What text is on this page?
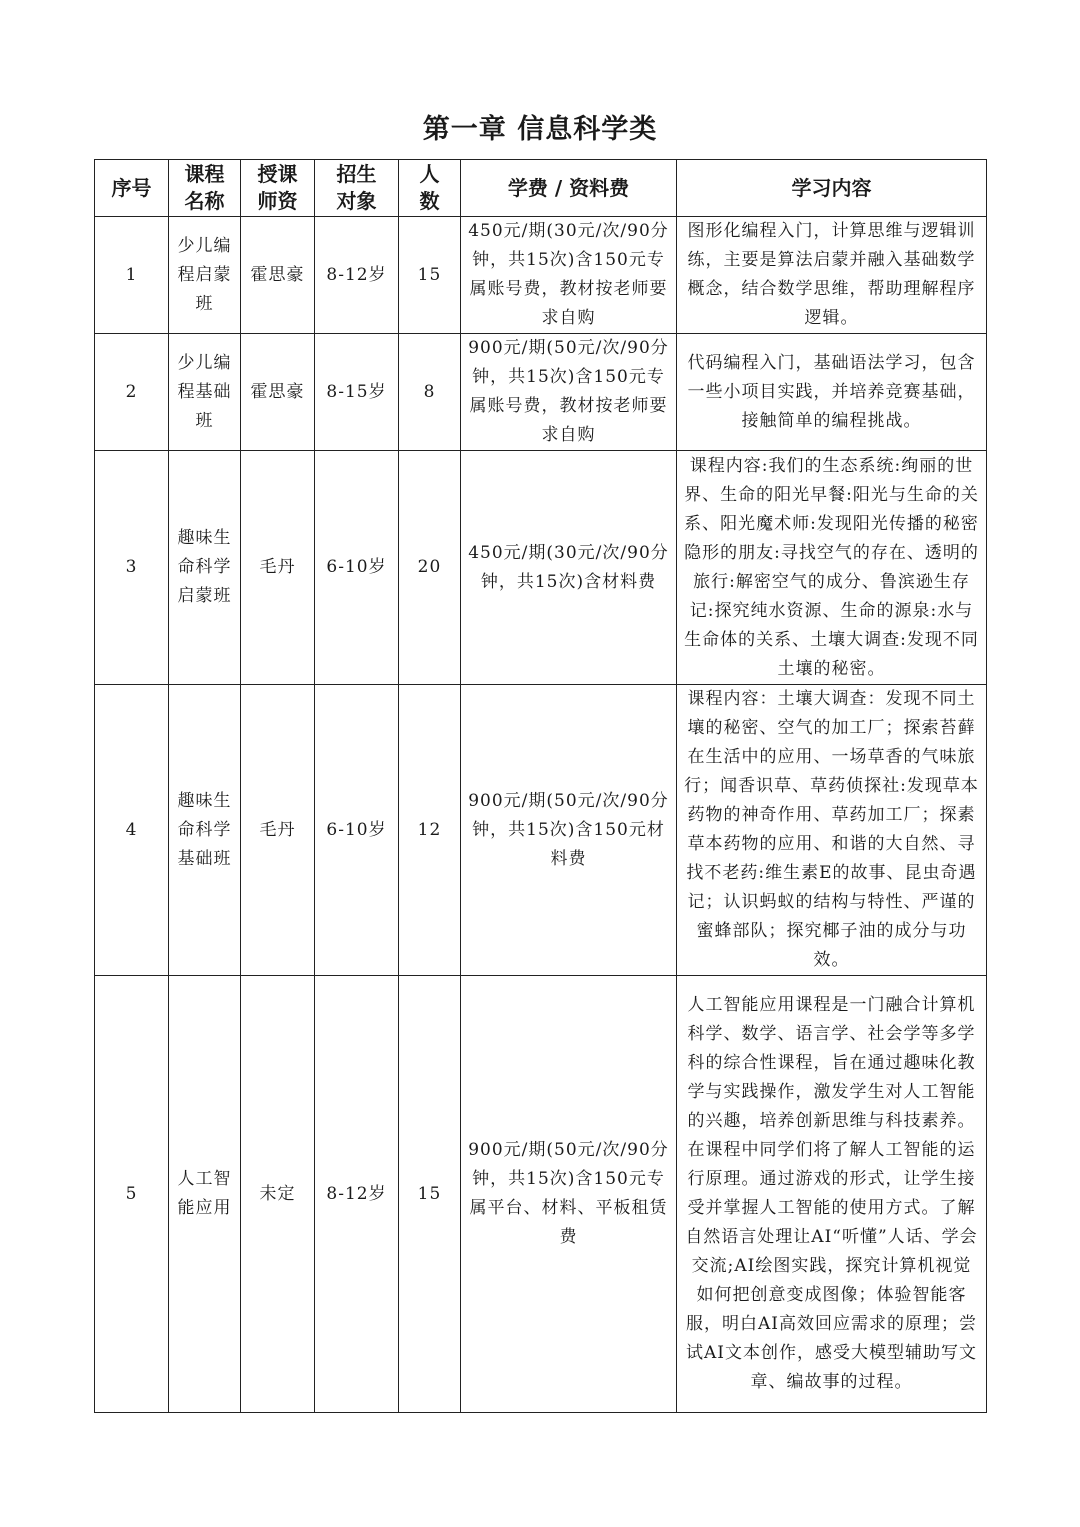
第一章 信息科学类
序号	课程名称	授课师资	招生对象	人数	学费 / 资料费	学习内容
1	少儿编程启蒙班	霍思豪	8-12岁	15	450元/期(30元/次/90分钟，共15次)含150元专属账号费，教材按老师要求自购	图形化编程入门，计算思维与逻辑训练，主要是算法启蒙并融入基础数学概念，结合数学思维，帮助理解程序逻辑。
2	少儿编程基础班	霍思豪	8-15岁	8	900元/期(50元/次/90分钟，共15次)含150元专属账号费，教材按老师要求自购	代码编程入门，基础语法学习，包含一些小项目实践，并培养竞赛基础，接触简单的编程挑战。
3	趣味生命科学启蒙班	毛丹	6-10岁	20	450元/期(30元/次/90分钟，共15次)含材料费	课程内容:我们的生态系统:绚丽的世界、生命的阳光早餐:阳光与生命的关系、阳光魔术师:发现阳光传播的秘密隐形的朋友:寻找空气的存在、透明的旅行:解密空气的成分、鲁滨逊生存记:探究纯水资源、生命的源泉:水与生命体的关系、土壤大调查:发现不同土壤的秘密。
4	趣味生命科学基础班	毛丹	6-10岁	12	900元/期(50元/次/90分钟，共15次)含150元材料费	课程内容：土壤大调查：发现不同土壤的秘密、空气的加工厂；探索苔藓在生活中的应用、一场草香的气味旅行；闻香识草、草药侦探社:发现草本药物的神奇作用、草药加工厂；探素草本药物的应用、和谐的大自然、寻找不老药:维生素E的故事、昆虫奇遇记；认识蚂蚁的结构与特性、严谨的蜜蜂部队；探究椰子油的成分与功效。
5	人工智能应用	未定	8-12岁	15	900元/期(50元/次/90分钟，共15次)含150元专属平台、材料、平板租赁费	人工智能应用课程是一门融合计算机科学、数学、语言学、社会学等多学科的综合性课程，旨在通过趣味化教学与实践操作，激发学生对人工智能的兴趣，培养创新思维与科技素养。在课程中同学们将了解人工智能的运行原理。通过游戏的形式，让学生接受并掌握人工智能的使用方式。了解自然语言处理让AI“听懂”人话、学会交流;AI绘图实践，探究计算机视觉如何把创意变成图像；体验智能客服，明白AI高效回应需求的原理；尝试AI文本创作，感受大模型辅助写文章、编故事的过程。
